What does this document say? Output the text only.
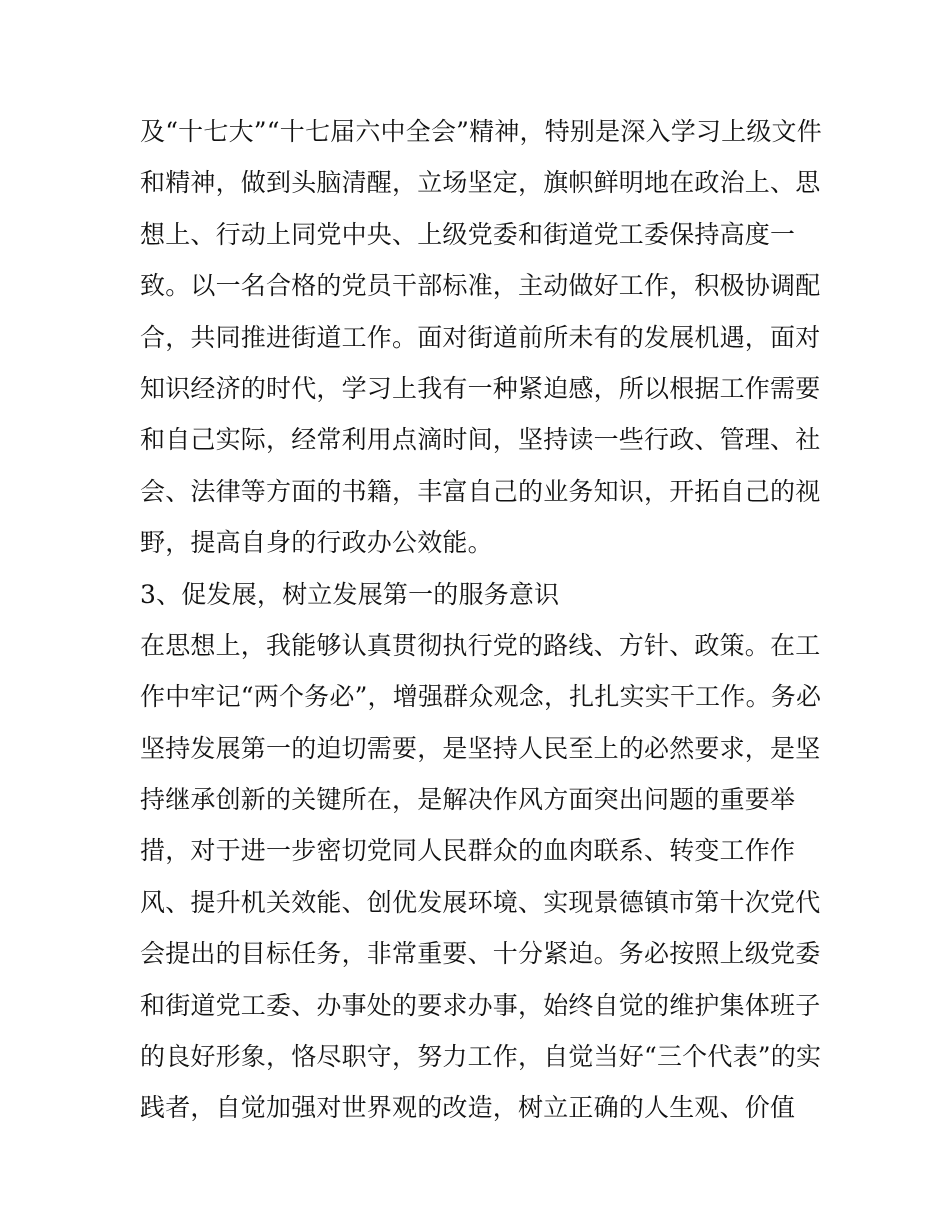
及“十七大”“十七届六中全会”精神，特别是深入学习上级文件
和精神，做到头脑清醒，立场坚定，旗帜鲜明地在政治上、思
想上、行动上同党中央、上级党委和街道党工委保持高度一
致。以一名合格的党员干部标准，主动做好工作，积极协调配
合，共同推进街道工作。面对街道前所未有的发展机遇，面对
知识经济的时代，学习上我有一种紧迫感，所以根据工作需要
和自己实际，经常利用点滴时间，坚持读一些行政、管理、社
会、法律等方面的书籍，丰富自己的业务知识，开拓自己的视
野，提高自身的行政办公效能。
3、促发展，树立发展第一的服务意识
在思想上，我能够认真贯彻执行党的路线、方针、政策。在工
作中牢记“两个务必”，增强群众观念，扎扎实实干工作。务必
坚持发展第一的迫切需要，是坚持人民至上的必然要求，是坚
持继承创新的关键所在，是解决作风方面突出问题的重要举
措，对于进一步密切党同人民群众的血肉联系、转变工作作
风、提升机关效能、创优发展环境、实现景德镇市第十次党代
会提出的目标任务，非常重要、十分紧迫。务必按照上级党委
和街道党工委、办事处的要求办事，始终自觉的维护集体班子
的良好形象，恪尽职守，努力工作，自觉当好“三个代表”的实
践者，自觉加强对世界观的改造，树立正确的人生观、价值
